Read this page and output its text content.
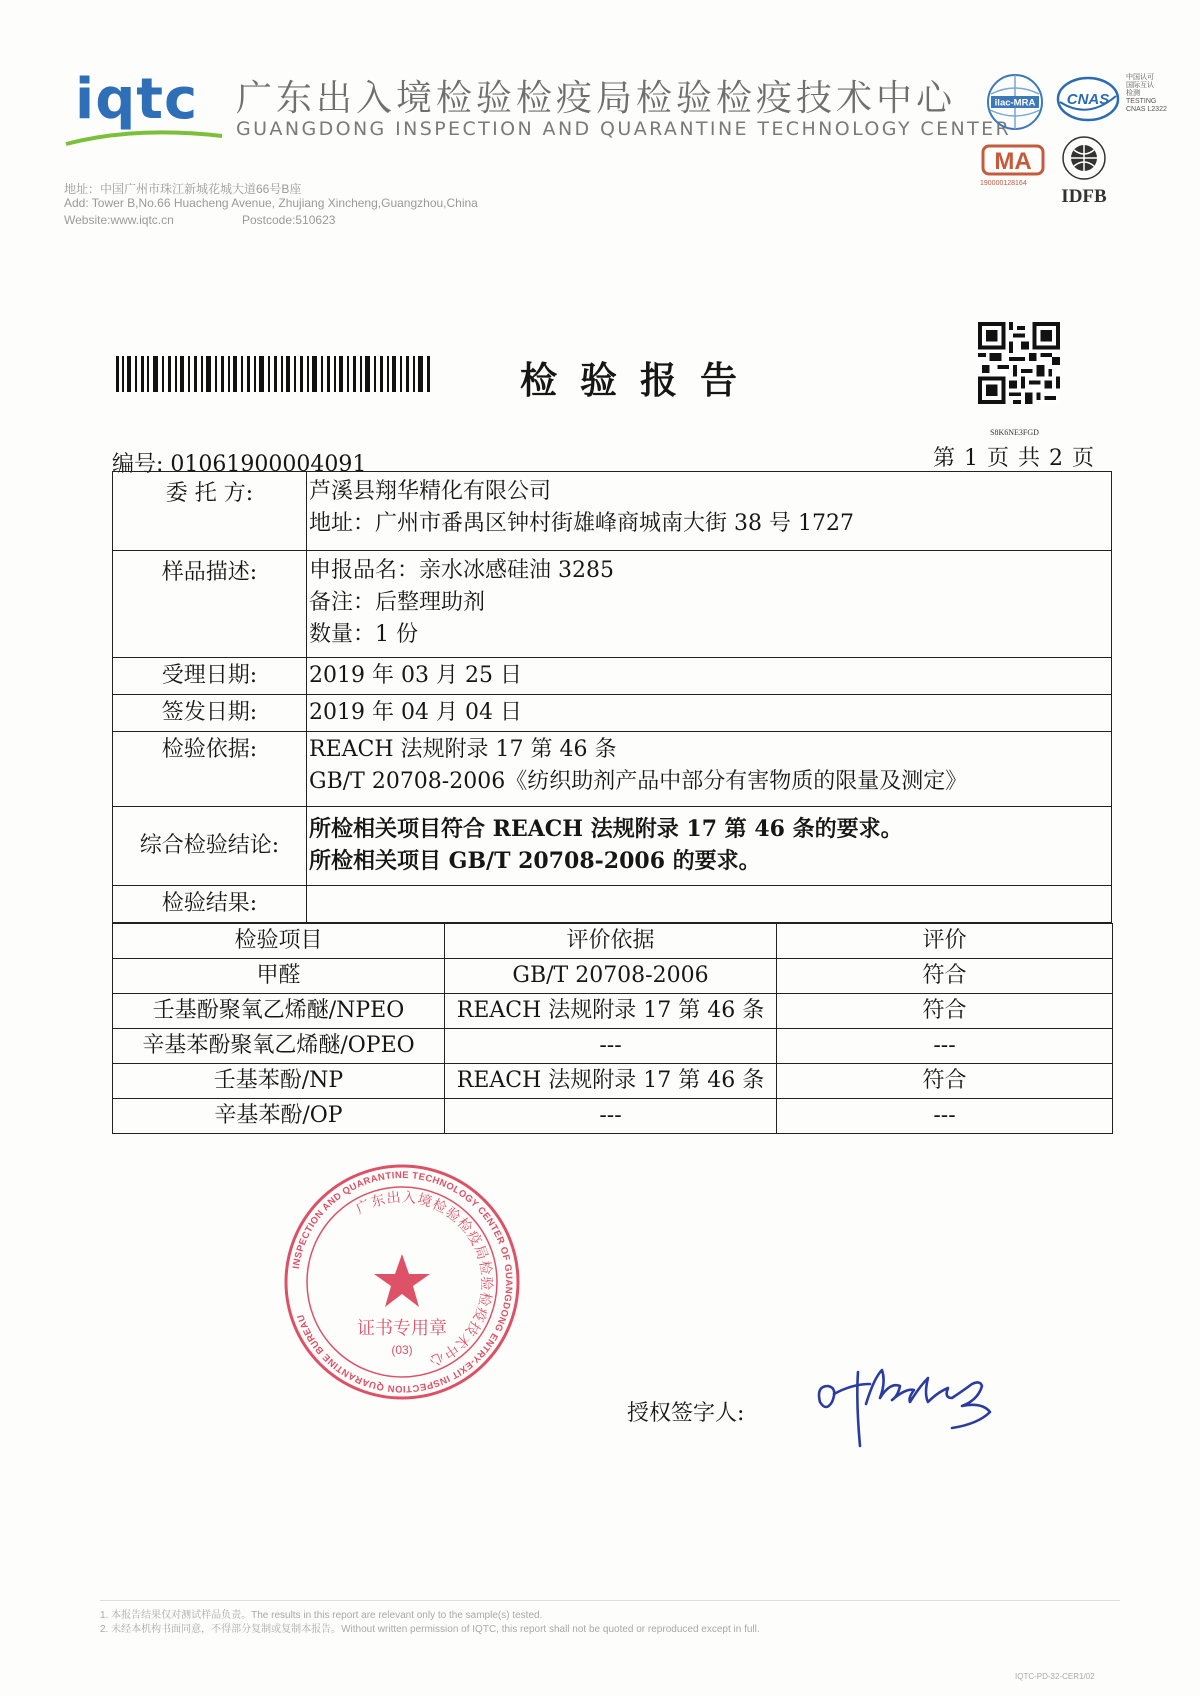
iqtc 广东出入境检验检疫局检验检疫技术中心
GUANGDONG INSPECTION AND QUARANTINE TECHNOLOGY CENTER
地址：中国广州市珠江新城花城大道66号B座
Add: Tower B,No.66 Huacheng Avenue, Zhujiang Xincheng,Guangzhou,China
Website:www.iqtc.cn	Postcode:510623
ilac-MRA CNAS
中国认可
国际互认
检测
TESTING
CNAS L2322
MA
190000128164
IDFB
检验报告
S8K6NE3FGD
编号: 01061900004091	第 1 页 共 2 页
委 托 方:	芦溪县翔华精化有限公司
地址：广州市番禺区钟村街雄峰商城南大街 38 号 1727

样品描述:	申报品名：亲水冰感硅油 3285
备注：后整理助剂
数量：1 份

受理日期:	2019 年 03 月 25 日
签发日期:	2019 年 04 月 04 日
检验依据:	REACH 法规附录 17 第 46 条
GB/T 20708-2006《纺织助剂产品中部分有害物质的限量及测定》

综合检验结论:	所检相关项目符合 REACH 法规附录 17 第 46 条的要求。
所检相关项目 GB/T 20708-2006 的要求。

检验结果:	
检验项目	评价依据	评价
甲醛	GB/T 20708-2006	符合
壬基酚聚氧乙烯醚/NPEO	REACH 法规附录 17 第 46 条	符合
辛基苯酚聚氧乙烯醚/OPEO	---	---
壬基苯酚/NP	REACH 法规附录 17 第 46 条	符合
辛基苯酚/OP	---	---
INSPECTION AND QUARANTINE TECHNOLOGY CENTER OF GUANGDONG ENTRY-EXIT INSPECTION QUARANTINE BUREAU
广东出入境检验检疫局检验检疫技术中心
证书专用章
(03)
授权签字人:
1. 本报告结果仅对测试样品负责。The results in this report are relevant only to the sample(s) tested.
2. 未经本机构书面同意，不得部分复制或复制本报告。Without written permission of IQTC, this report shall not be quoted or reproduced except in full.
IQTC-PD-32-CER1/02
